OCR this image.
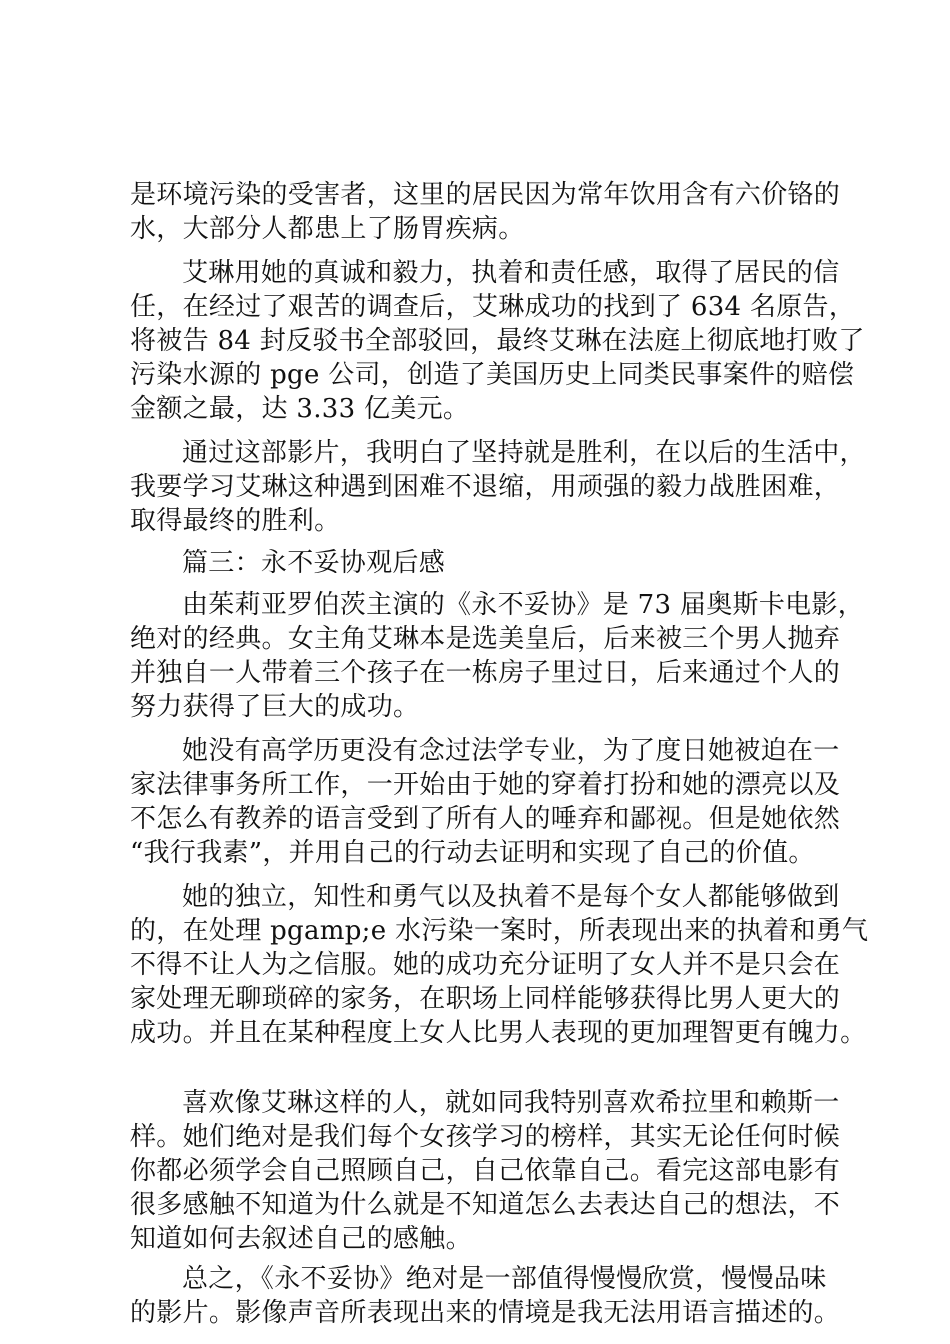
是环境污染的受害者，这里的居民因为常年饮用含有六价铬的
水，大部分人都患上了肠胃疾病。
艾琳用她的真诚和毅力，执着和责任感，取得了居民的信
任，在经过了艰苦的调查后，艾琳成功的找到了 634 名原告，
将被告 84 封反驳书全部驳回，最终艾琳在法庭上彻底地打败了
污染水源的 pge 公司，创造了美国历史上同类民事案件的赔偿
金额之最，达 3.33 亿美元。
通过这部影片，我明白了坚持就是胜利，在以后的生活中，
我要学习艾琳这种遇到困难不退缩，用顽强的毅力战胜困难，
取得最终的胜利。
篇三：永不妥协观后感
由茱莉亚罗伯茨主演的《永不妥协》是 73 届奥斯卡电影，
绝对的经典。女主角艾琳本是选美皇后，后来被三个男人抛弃
并独自一人带着三个孩子在一栋房子里过日，后来通过个人的
努力获得了巨大的成功。
她没有高学历更没有念过法学专业，为了度日她被迫在一
家法律事务所工作，一开始由于她的穿着打扮和她的漂亮以及
不怎么有教养的语言受到了所有人的唾弃和鄙视。但是她依然
“我行我素”，并用自己的行动去证明和实现了自己的价值。
她的独立，知性和勇气以及执着不是每个女人都能够做到
的，在处理 pgamp;e 水污染一案时，所表现出来的执着和勇气
不得不让人为之信服。她的成功充分证明了女人并不是只会在
家处理无聊琐碎的家务，在职场上同样能够获得比男人更大的
成功。并且在某种程度上女人比男人表现的更加理智更有魄力。
喜欢像艾琳这样的人，就如同我特别喜欢希拉里和赖斯一
样。她们绝对是我们每个女孩学习的榜样，其实无论任何时候
你都必须学会自己照顾自己，自己依靠自己。看完这部电影有
很多感触不知道为什么就是不知道怎么去表达自己的想法，不
知道如何去叙述自己的感触。
总之，《永不妥协》绝对是一部值得慢慢欣赏，慢慢品味
的影片。影像声音所表现出来的情境是我无法用语言描述的。
